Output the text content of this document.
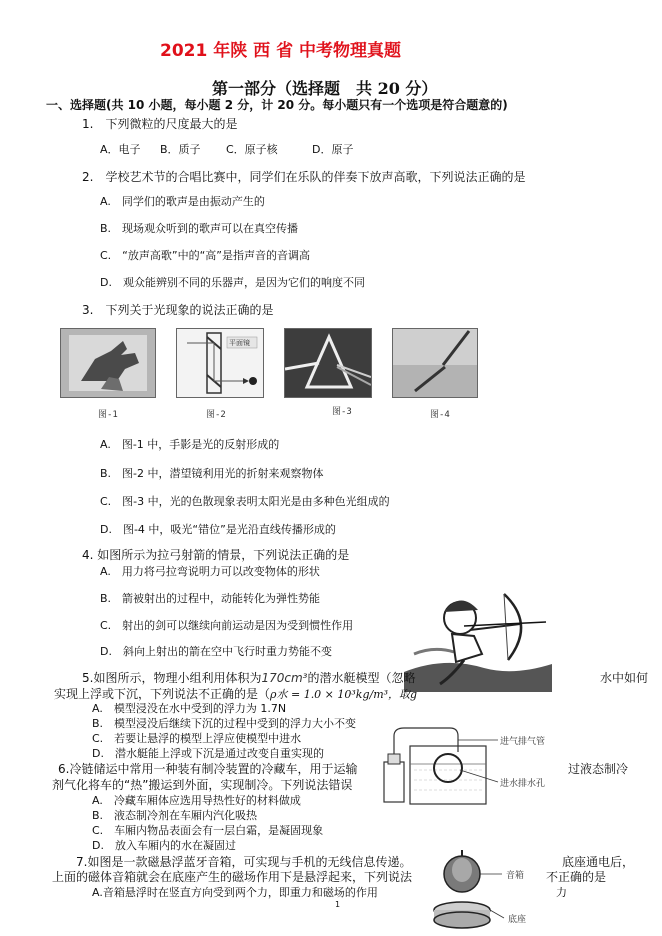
2021 年陕 西 省 中考物理真题
第一部分（选择题　共 20 分）
一、选择题(共 10 小题，每小题 2 分，计 20 分。每小题只有一个选项是符合题意的)
1.　下列微粒的尺度最大的是
A．电子 B．质子 C．原子核	D．原子
2.　学校艺术节的合唱比赛中，同学们在乐队的伴奏下放声高歌，下列说法正确的是
A.　同学们的歌声是由振动产生的
B.　现场观众听到的歌声可以在真空传播
C.　“放声高歌”中的“高”是指声音的音调高
D.　观众能辨别不同的乐器声，是因为它们的响度不同
3.　下列关于光现象的说法正确的是
图-1
平面镜
图-2	图-3	图-4
A.　图-1 中，手影是光的反射形成的
B.　图-2 中，潜望镜利用光的折射来观察物体
C.　图-3 中，光的色散现象表明太阳光是由多种色光组成的
D.　图-4 中，吸光“错位”是光沿直线传播形成的
4. 如图所示为拉弓射箭的情景，下列说法正确的是
A.　用力将弓拉弯说明力可以改变物体的形状
B.　箭被射出的过程中，动能转化为弹性势能
C.　射出的剑可以继续向前运动是因为受到惯性作用
D.　斜向上射出的箭在空中飞行时重力势能不变
5.如图所示，物理小组利用体积为170cm³的潜水艇模型（忽略	水中如何
实现上浮或下沉，下列说法不正确的是（ρ水 = 1.0 × 10³kg/m³，取g
A.　模型浸没在水中受到的浮力为 1.7N
B.　模型浸没后继续下沉的过程中受到的浮力大小不变
C.　若要让悬浮的模型上浮应使模型中进水
D.　潜水艇能上浮或下沉是通过改变自重实现的
进气排气管
进水排水孔
6.冷链储运中常用一种装有制冷装置的冷藏车，用于运输	过液态制冷
剂气化将车的“热”搬运到外面，实现制冷。下列说法错误
A.　冷藏车厢体应选用导热性好的材料做成
B.　液态制冷剂在车厢内汽化吸热
C.　车厢内物品表面会有一层白霜，是凝固现象
D.　放入车厢内的水在凝固过
7.如图是一款磁悬浮蓝牙音箱，可实现与手机的无线信息传递。	底座通电后，
上面的磁体音箱就会在底座产生的磁场作用下是悬浮起来，下列说法	不正确的是
A.音箱悬浮时在竖直方向受到两个力，即重力和磁场的作用	力
音箱
底座
1
